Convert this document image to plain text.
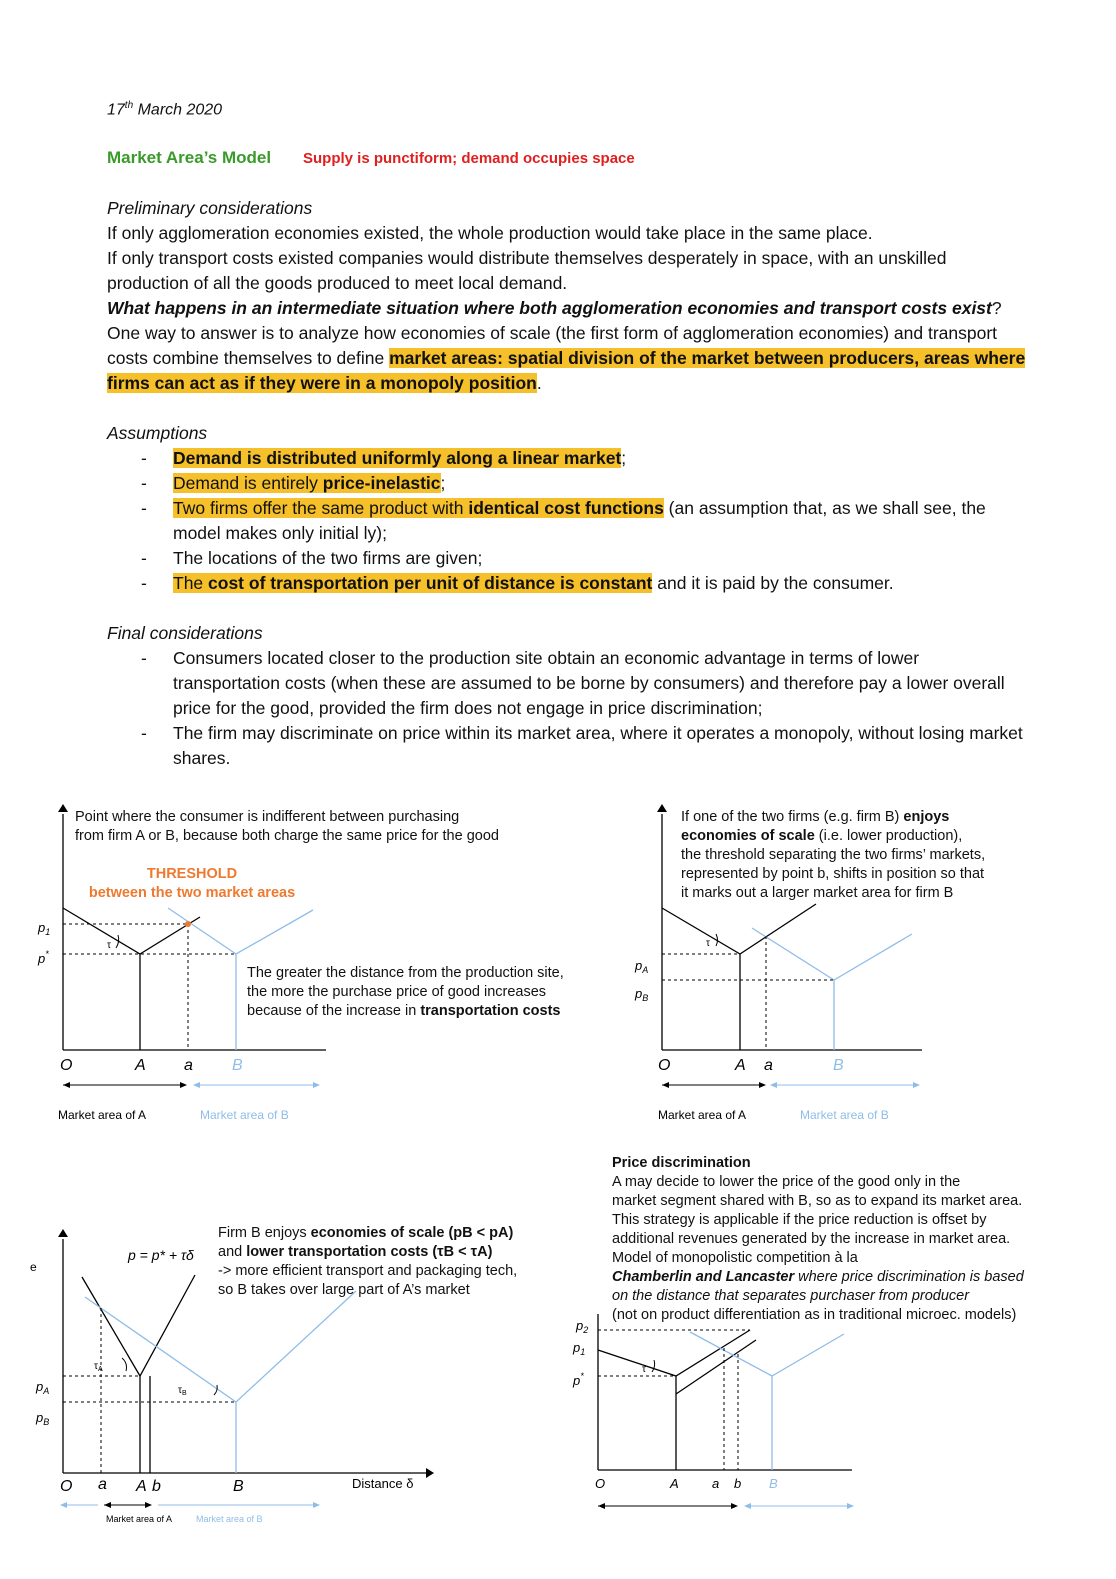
17th March 2020
Market Area’s Model Supply is punctiform; demand occupies space
Preliminary considerations
If only agglomeration economies existed, the whole production would take place in the same place.
If only transport costs existed companies would distribute themselves desperately in space, with an unskilled production of all the goods produced to meet local demand.
What happens in an intermediate situation where both agglomeration economies and transport costs exist? One way to answer is to analyze how economies of scale (the first form of agglomeration economies) and transport costs combine themselves to define market areas: spatial division of the market between producers, areas where firms can act as if they were in a monopoly position.
Assumptions
- Demand is distributed uniformly along a linear market;
- Demand is entirely price-inelastic;
- Two firms offer the same product with identical cost functions (an assumption that, as we shall see, the model makes only initial ly);
- The locations of the two firms are given;
- The cost of transportation per unit of distance is constant and it is paid by the consumer.
Final considerations
- Consumers located closer to the production site obtain an economic advantage in terms of lower transportation costs (when these are assumed to be borne by consumers) and therefore pay a lower overall price for the good, provided the firm does not engage in price discrimination;
- The firm may discriminate on price within its market area, where it operates a monopoly, without losing market shares.
Point where the consumer is indifferent between purchasing
from firm A or B, because both charge the same price for the good
THRESHOLD
between the two market areas
The greater the distance from the production site,
the more the purchase price of good increases
because of the increase in transportation costs
τ
$p_1$
p*
O	A a B
Market area of A	Market area of B
If one of the two firms (e.g. firm B) enjoys
economies of scale (i.e. lower production),
the threshold separating the two firms’ markets,
represented by point b, shifts in position so that
it marks out a larger market area for firm B
τ
$p_A$
$p_B$
O	A a	B
Market area of A	Market area of B
Firm B enjoys economies of scale (pB < pA)
and lower transportation costs (τB < τA)
-> more efficient transport and packaging tech,
so B takes over large part of A’s market
e
p = p* + τδ
$\tau_A$
$\tau_B$
$p_A$
$p_B$
O a A b	B	Distance δ
Market area of A	Market area of B
Price discrimination
A may decide to lower the price of the good only in the
market segment shared with B, so as to expand its market area.
This strategy is applicable if the price reduction is offset by
additional revenues generated by the increase in market area.
Model of monopolistic competition à la
Chamberlin and Lancaster where price discrimination is based
on the distance that separates purchaser from producer
(not on product differentiation as in traditional microec. models)
τ
$p_2$
$p_1$
p*
O	A	a b B
